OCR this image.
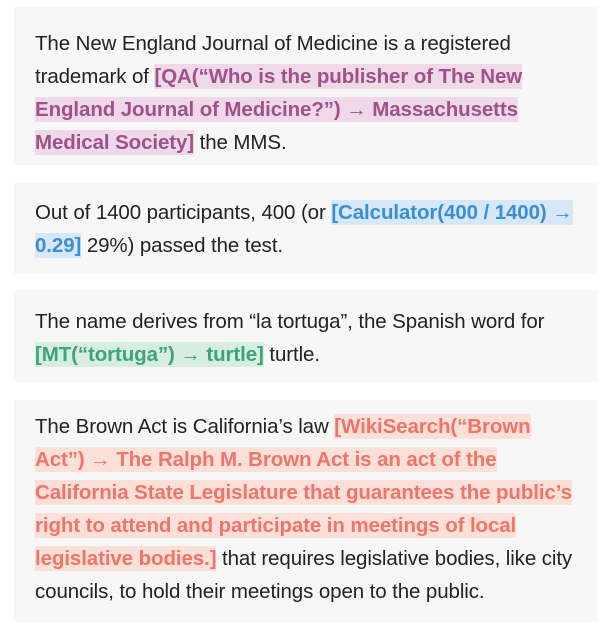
The New England Journal of Medicine is a registered trademark of [QA(“Who is the publisher of The New England Journal of Medicine?”) → Massachusetts Medical Society] the MMS.

Out of 1400 participants, 400 (or [Calculator(400 / 1400) → 0.29] 29%) passed the test.

The name derives from “la tortuga”, the Spanish word for [MT(“tortuga”) → turtle] turtle.

The Brown Act is California’s law [WikiSearch(“Brown Act”) → The Ralph M. Brown Act is an act of the California State Legislature that guarantees the public’s right to attend and participate in meetings of local legislative bodies.] that requires legislative bodies, like city councils, to hold their meetings open to the public.
